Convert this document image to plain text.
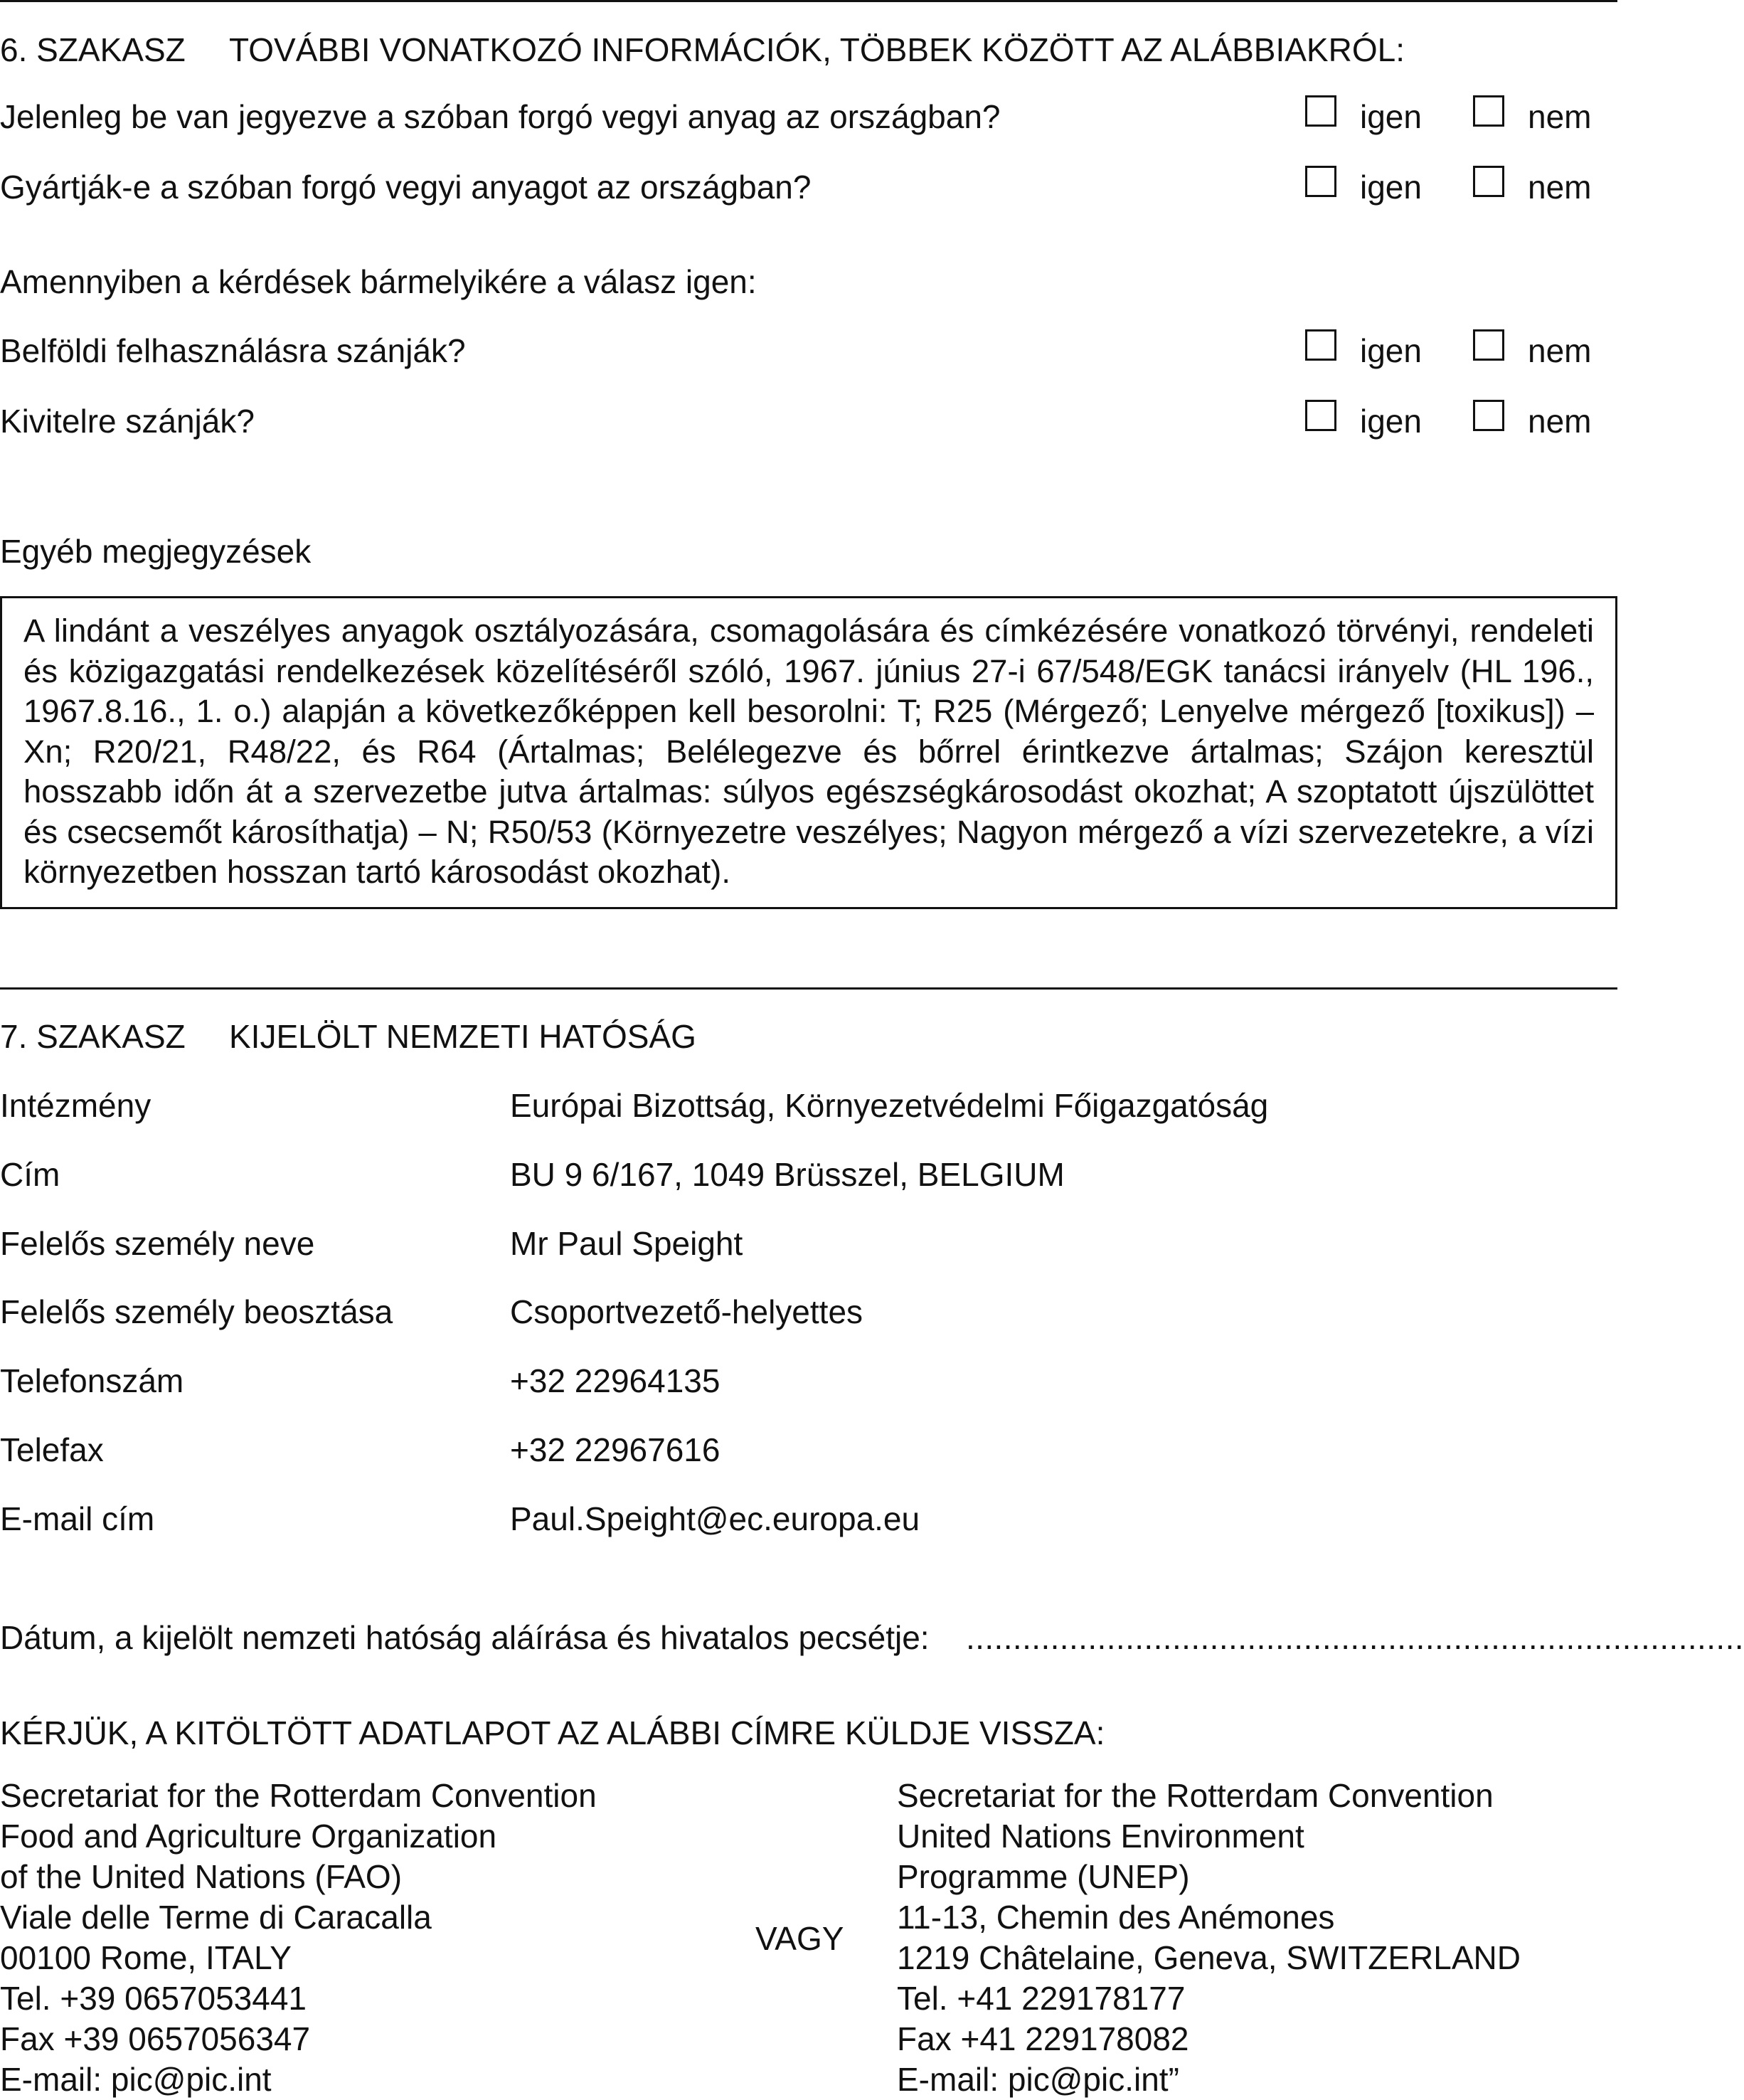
6. SZAKASZ TOVÁBBI VONATKOZÓ INFORMÁCIÓK, TÖBBEK KÖZÖTT AZ ALÁBBIAKRÓL:
Jelenleg be van jegyezve a szóban forgó vegyi anyag az országban?	igen	nem
Gyártják-e a szóban forgó vegyi anyagot az országban?	igen	nem
Amennyiben a kérdések bármelyikére a válasz igen:
Belföldi felhasználásra szánják?	igen	nem
Kivitelre szánják?	igen	nem
Egyéb megjegyzések
A lindánt a veszélyes anyagok osztályozására, csomagolására és címkézésére vonatkozó törvényi, rendeleti és közigazgatási rendelkezések közelítéséről szóló, 1967. június 27-i 67/548/EGK tanácsi irányelv (HL 196., 1967.8.16., 1. o.) alapján a következőképpen kell besorolni: T; R25 (Mérgező; Lenyelve mérgező [toxikus]) – Xn; R20/21, R48/22, és R64 (Ártalmas; Belélegezve és bőrrel érintkezve ártalmas; Szájon keresztül hosszabb időn át a szervezetbe jutva ártalmas: súlyos egészségkárosodást okozhat; A szoptatott újszülöttet és csecsemőt károsíthatja) – N; R50/53 (Környezetre veszélyes; Nagyon mérgező a vízi szervezetekre, a vízi környezetben hosszan tartó károsodást okozhat).
7. SZAKASZ KIJELÖLT NEMZETI HATÓSÁG
Intézmény	Európai Bizottság, Környezetvédelmi Főigazgatóság
Cím	BU 9 6/167, 1049 Brüsszel, BELGIUM
Felelős személy neve	Mr Paul Speight
Felelős személy beosztása	Csoportvezető-helyettes
Telefonszám	+32 22964135
Telefax	+32 22967616
E-mail cím	Paul.Speight@ec.europa.eu
Dátum, a kijelölt nemzeti hatóság aláírása és hivatalos pecsétje: ...................................................................................
KÉRJÜK, A KITÖLTÖTT ADATLAPOT AZ ALÁBBI CÍMRE KÜLDJE VISSZA:
Secretariat for the Rotterdam Convention
Food and Agriculture Organization
of the United Nations (FAO)
Viale delle Terme di Caracalla
00100 Rome, ITALY
Tel. +39 0657053441
Fax +39 0657056347
E-mail: pic@pic.int
VAGY
Secretariat for the Rotterdam Convention
United Nations Environment
Programme (UNEP)
11-13, Chemin des Anémones
1219 Châtelaine, Geneva, SWITZERLAND
Tel. +41 229178177
Fax +41 229178082
E-mail: pic@pic.int”
